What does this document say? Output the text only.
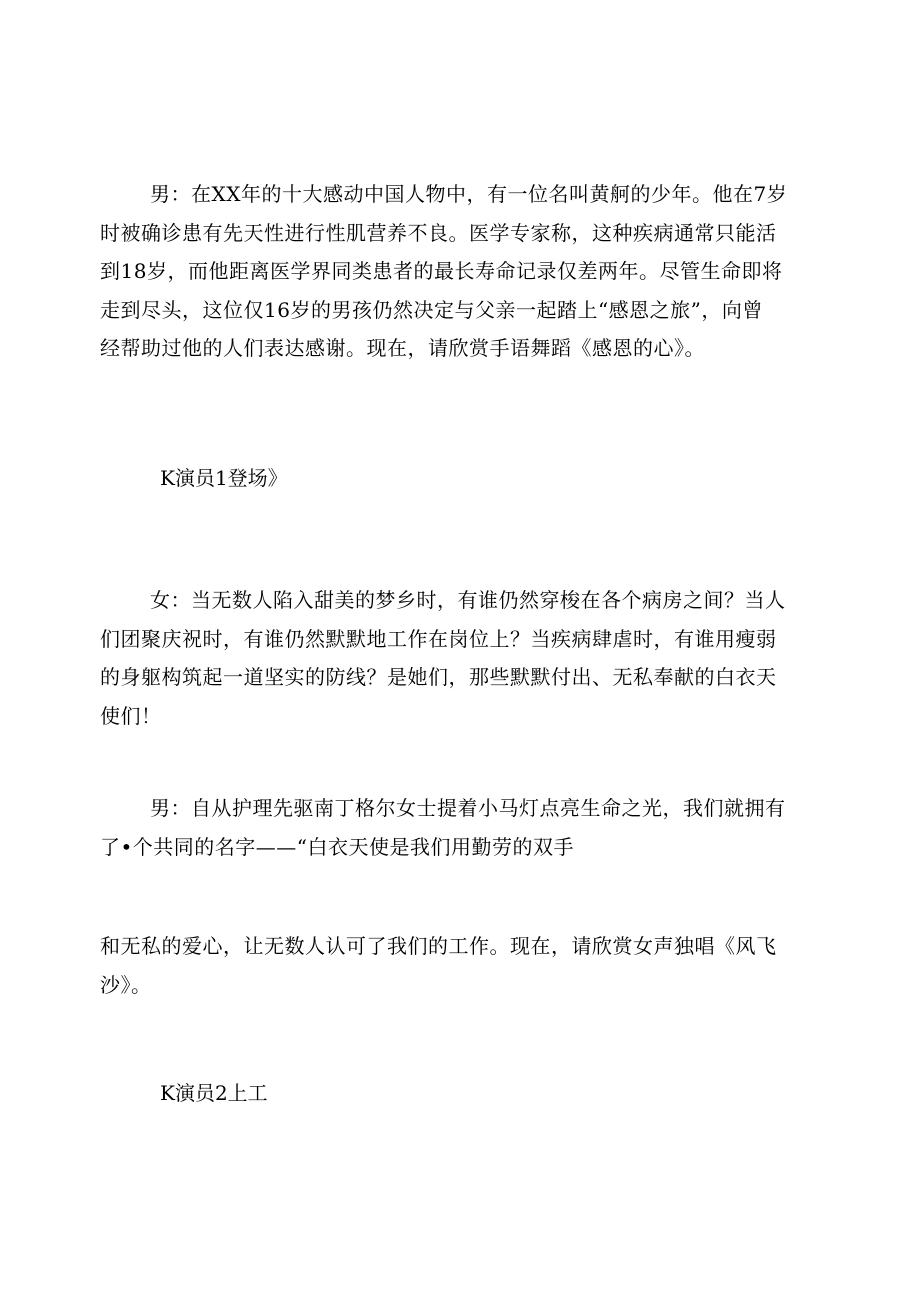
男：在XX年的十大感动中国人物中，有一位名叫黄舸的少年。他在7岁
时被确诊患有先天性进行性肌营养不良。医学专家称，这种疾病通常只能活
到18岁，而他距离医学界同类患者的最长寿命记录仅差两年。尽管生命即将
走到尽头，这位仅16岁的男孩仍然决定与父亲一起踏上“感恩之旅”，向曾
经帮助过他的人们表达感谢。现在，请欣赏手语舞蹈《感恩的心》。
K演员1登场》
女：当无数人陷入甜美的梦乡时，有谁仍然穿梭在各个病房之间？当人
们团聚庆祝时，有谁仍然默默地工作在岗位上？当疾病肆虐时，有谁用瘦弱
的身躯构筑起一道坚实的防线？是她们，那些默默付出、无私奉献的白衣天
使们！
男：自从护理先驱南丁格尔女士提着小马灯点亮生命之光，我们就拥有
了•个共同的名字——“白衣天使是我们用勤劳的双手
和无私的爱心，让无数人认可了我们的工作。现在，请欣赏女声独唱《风飞
沙》。
K演员2上工
